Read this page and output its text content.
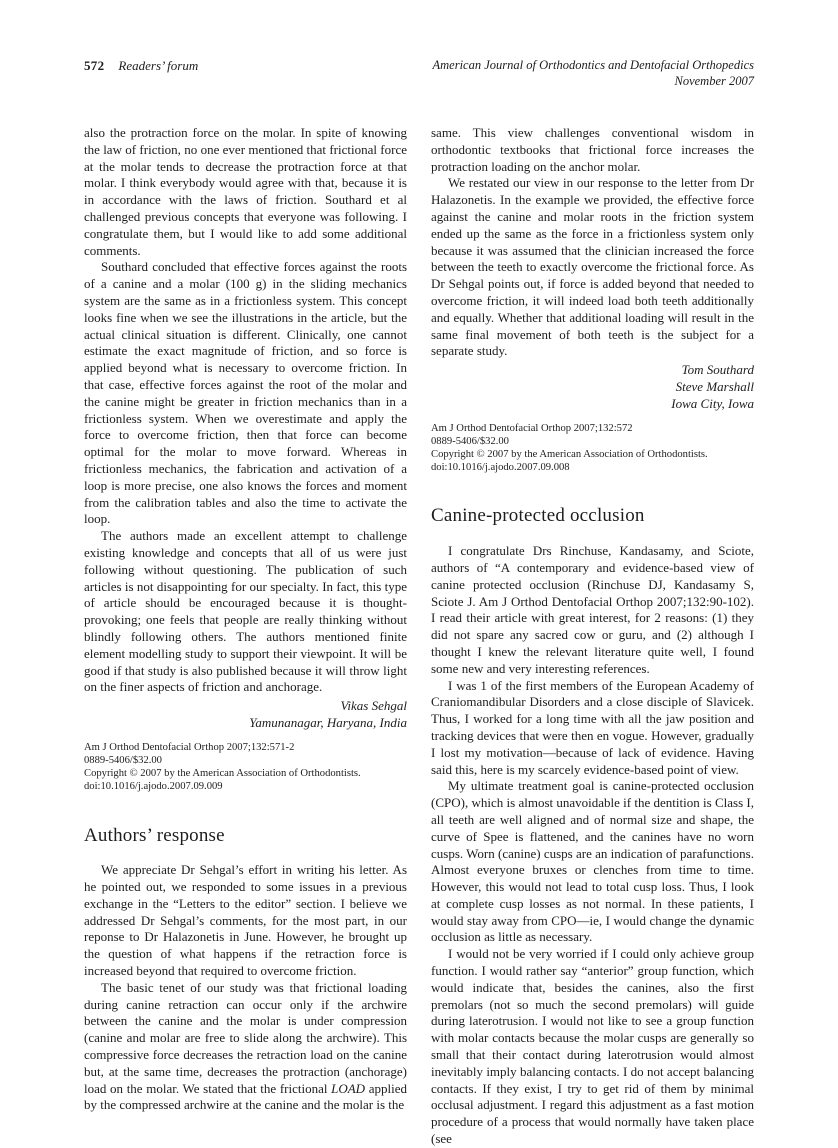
572 Readers’ forum	American Journal of Orthodontics and Dentofacial Orthopedics
November 2007

also the protraction force on the molar. In spite of knowing the law of friction, no one ever mentioned that frictional force at the molar tends to decrease the protraction force at that molar. I think everybody would agree with that, because it is in accordance with the laws of friction. Southard et al challenged previous concepts that everyone was following. I congratulate them, but I would like to add some additional comments.

Southard concluded that effective forces against the roots of a canine and a molar (100 g) in the sliding mechanics system are the same as in a frictionless system. This concept looks fine when we see the illustrations in the article, but the actual clinical situation is different. Clinically, one cannot estimate the exact magnitude of friction, and so force is applied beyond what is necessary to overcome friction. In that case, effective forces against the root of the molar and the canine might be greater in friction mechanics than in a frictionless system. When we overestimate and apply the force to overcome friction, then that force can become optimal for the molar to move forward. Whereas in frictionless mechanics, the fabrication and activation of a loop is more precise, one also knows the forces and moment from the calibration tables and also the time to activate the loop.

The authors made an excellent attempt to challenge existing knowledge and concepts that all of us were just following without questioning. The publication of such articles is not disappointing for our specialty. In fact, this type of article should be encouraged because it is thought-provoking; one feels that people are really thinking without blindly following others. The authors mentioned finite element modelling study to support their viewpoint. It will be good if that study is also published because it will throw light on the finer aspects of friction and anchorage.

Vikas Sehgal
Yamunanagar, Haryana, India
Am J Orthod Dentofacial Orthop 2007;132:571-2
0889-5406/$32.00
Copyright © 2007 by the American Association of Orthodontists.
doi:10.1016/j.ajodo.2007.09.009
Authors’ response

We appreciate Dr Sehgal’s effort in writing his letter. As he pointed out, we responded to some issues in a previous exchange in the “Letters to the editor” section. I believe we addressed Dr Sehgal’s comments, for the most part, in our reponse to Dr Halazonetis in June. However, he brought up the question of what happens if the retraction force is increased beyond that required to overcome friction.

The basic tenet of our study was that frictional loading during canine retraction can occur only if the archwire between the canine and the molar is under compression (canine and molar are free to slide along the archwire). This compressive force decreases the retraction load on the canine but, at the same time, decreases the protraction (anchorage) load on the molar. We stated that the frictional LOAD applied by the compressed archwire at the canine and the molar is the

same. This view challenges conventional wisdom in orthodontic textbooks that frictional force increases the protraction loading on the anchor molar.

We restated our view in our response to the letter from Dr Halazonetis. In the example we provided, the effective force against the canine and molar roots in the friction system ended up the same as the force in a frictionless system only because it was assumed that the clinician increased the force between the teeth to exactly overcome the frictional force. As Dr Sehgal points out, if force is added beyond that needed to overcome friction, it will indeed load both teeth additionally and equally. Whether that additional loading will result in the same final movement of both teeth is the subject for a separate study.

Tom Southard
Steve Marshall
Iowa City, Iowa
Am J Orthod Dentofacial Orthop 2007;132:572
0889-5406/$32.00
Copyright © 2007 by the American Association of Orthodontists.
doi:10.1016/j.ajodo.2007.09.008
Canine-protected occlusion

I congratulate Drs Rinchuse, Kandasamy, and Sciote, authors of “A contemporary and evidence-based view of canine protected occlusion (Rinchuse DJ, Kandasamy S, Sciote J. Am J Orthod Dentofacial Orthop 2007;132:90-102). I read their article with great interest, for 2 reasons: (1) they did not spare any sacred cow or guru, and (2) although I thought I knew the relevant literature quite well, I found some new and very interesting references.

I was 1 of the first members of the European Academy of Craniomandibular Disorders and a close disciple of Slavicek. Thus, I worked for a long time with all the jaw position and tracking devices that were then en vogue. However, gradually I lost my motivation—because of lack of evidence. Having said this, here is my scarcely evidence-based point of view.

My ultimate treatment goal is canine-protected occlusion (CPO), which is almost unavoidable if the dentition is Class I, all teeth are well aligned and of normal size and shape, the curve of Spee is flattened, and the canines have no worn cusps. Worn (canine) cusps are an indication of parafunctions. Almost everyone bruxes or clenches from time to time. However, this would not lead to total cusp loss. Thus, I look at complete cusp losses as not normal. In these patients, I would stay away from CPO—ie, I would change the dynamic occlusion as little as necessary.

I would not be very worried if I could only achieve group function. I would rather say “anterior” group function, which would indicate that, besides the canines, also the first premolars (not so much the second premolars) will guide during laterotrusion. I would not like to see a group function with molar contacts because the molar cusps are generally so small that their contact during laterotrusion would almost inevitably imply balancing contacts. I do not accept balancing contacts. If they exist, I try to get rid of them by minimal occlusal adjustment. I regard this adjustment as a fast motion procedure of a process that would normally have taken place (see
